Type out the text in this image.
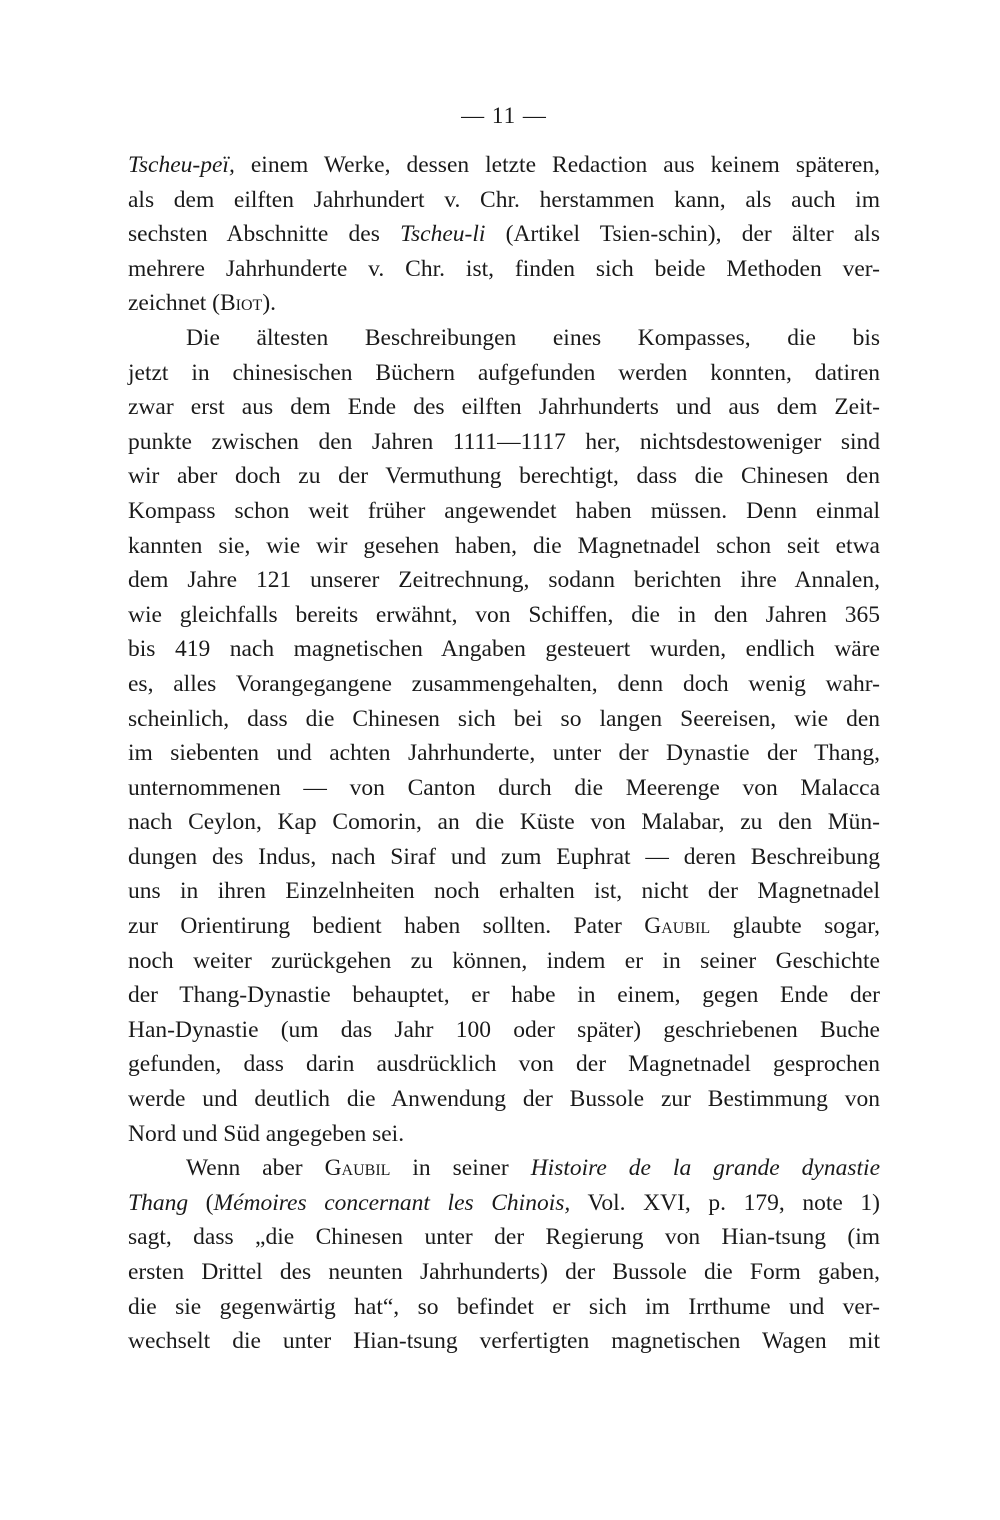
— 11 —
Tscheu-peï, einem Werke, dessen letzte Redaction aus keinem späteren,
als dem eilften Jahrhundert v. Chr. herstammen kann, als auch im
sechsten Abschnitte des Tscheu-li (Artikel Tsien-schin), der älter als
mehrere Jahrhunderte v. Chr. ist, finden sich beide Methoden ver-
zeichnet (Biot).
Die ältesten Beschreibungen eines Kompasses, die bis
jetzt in chinesischen Büchern aufgefunden werden konnten, datiren
zwar erst aus dem Ende des eilften Jahrhunderts und aus dem Zeit-
punkte zwischen den Jahren 1111—1117 her, nichtsdestoweniger sind
wir aber doch zu der Vermuthung berechtigt, dass die Chinesen den
Kompass schon weit früher angewendet haben müssen. Denn einmal
kannten sie, wie wir gesehen haben, die Magnetnadel schon seit etwa
dem Jahre 121 unserer Zeitrechnung, sodann berichten ihre Annalen,
wie gleichfalls bereits erwähnt, von Schiffen, die in den Jahren 365
bis 419 nach magnetischen Angaben gesteuert wurden, endlich wäre
es, alles Vorangegangene zusammengehalten, denn doch wenig wahr-
scheinlich, dass die Chinesen sich bei so langen Seereisen, wie den
im siebenten und achten Jahrhunderte, unter der Dynastie der Thang,
unternommenen — von Canton durch die Meerenge von Malacca
nach Ceylon, Kap Comorin, an die Küste von Malabar, zu den Mün-
dungen des Indus, nach Siraf und zum Euphrat — deren Beschreibung
uns in ihren Einzelnheiten noch erhalten ist, nicht der Magnetnadel
zur Orientirung bedient haben sollten. Pater Gaubil glaubte sogar,
noch weiter zurückgehen zu können, indem er in seiner Geschichte
der Thang-Dynastie behauptet, er habe in einem, gegen Ende der
Han-Dynastie (um das Jahr 100 oder später) geschriebenen Buche
gefunden, dass darin ausdrücklich von der Magnetnadel gesprochen
werde und deutlich die Anwendung der Bussole zur Bestimmung von
Nord und Süd angegeben sei.
Wenn aber Gaubil in seiner Histoire de la grande dynastie
Thang (Mémoires concernant les Chinois, Vol. XVI, p. 179, note 1)
sagt, dass „die Chinesen unter der Regierung von Hian-tsung (im
ersten Drittel des neunten Jahrhunderts) der Bussole die Form gaben,
die sie gegenwärtig hat“, so befindet er sich im Irrthume und ver-
wechselt die unter Hian-tsung verfertigten magnetischen Wagen mit
